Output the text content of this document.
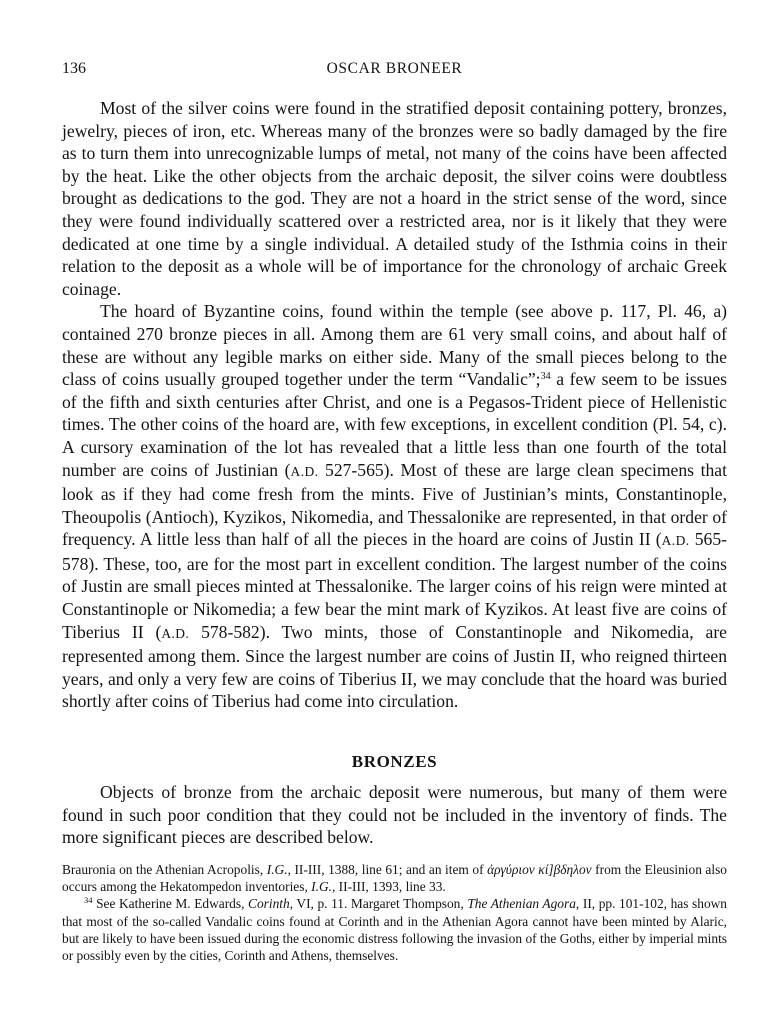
136	OSCAR BRONEER

Most of the silver coins were found in the stratified deposit containing pottery, bronzes, jewelry, pieces of iron, etc. Whereas many of the bronzes were so badly damaged by the fire as to turn them into unrecognizable lumps of metal, not many of the coins have been affected by the heat. Like the other objects from the archaic deposit, the silver coins were doubtless brought as dedications to the god. They are not a hoard in the strict sense of the word, since they were found individually scattered over a restricted area, nor is it likely that they were dedicated at one time by a single individual. A detailed study of the Isthmia coins in their relation to the deposit as a whole will be of importance for the chronology of archaic Greek coinage.

The hoard of Byzantine coins, found within the temple (see above p. 117, Pl. 46, a) contained 270 bronze pieces in all. Among them are 61 very small coins, and about half of these are without any legible marks on either side. Many of the small pieces belong to the class of coins usually grouped together under the term “Vandalic”;$^{34}$ a few seem to be issues of the fifth and sixth centuries after Christ, and one is a Pegasos-Trident piece of Hellenistic times. The other coins of the hoard are, with few exceptions, in excellent condition (Pl. 54, c). A cursory examination of the lot has revealed that a little less than one fourth of the total number are coins of Justinian (A.D. 527-565). Most of these are large clean specimens that look as if they had come fresh from the mints. Five of Justinian’s mints, Constantinople, Theoupolis (Antioch), Kyzikos, Nikomedia, and Thessalonike are represented, in that order of frequency. A little less than half of all the pieces in the hoard are coins of Justin II (A.D. 565-578). These, too, are for the most part in excellent condition. The largest number of the coins of Justin are small pieces minted at Thessalonike. The larger coins of his reign were minted at Constantinople or Nikomedia; a few bear the mint mark of Kyzikos. At least five are coins of Tiberius II (A.D. 578-582). Two mints, those of Constantinople and Nikomedia, are represented among them. Since the largest number are coins of Justin II, who reigned thirteen years, and only a very few are coins of Tiberius II, we may conclude that the hoard was buried shortly after coins of Tiberius had come into circulation.

BRONZES

Objects of bronze from the archaic deposit were numerous, but many of them were found in such poor condition that they could not be included in the inventory of finds. The more significant pieces are described below.

Brauronia on the Athenian Acropolis, I.G., II-III, 1388, line 61; and an item of ἀργύριον κί]βδηλον from the Eleusinion also occurs among the Hekatompedon inventories, I.G., II-III, 1393, line 33.

$^{34}$ See Katherine M. Edwards, Corinth, VI, p. 11. Margaret Thompson, The Athenian Agora, II, pp. 101-102, has shown that most of the so-called Vandalic coins found at Corinth and in the Athenian Agora cannot have been minted by Alaric, but are likely to have been issued during the economic distress following the invasion of the Goths, either by imperial mints or possibly even by the cities, Corinth and Athens, themselves.
